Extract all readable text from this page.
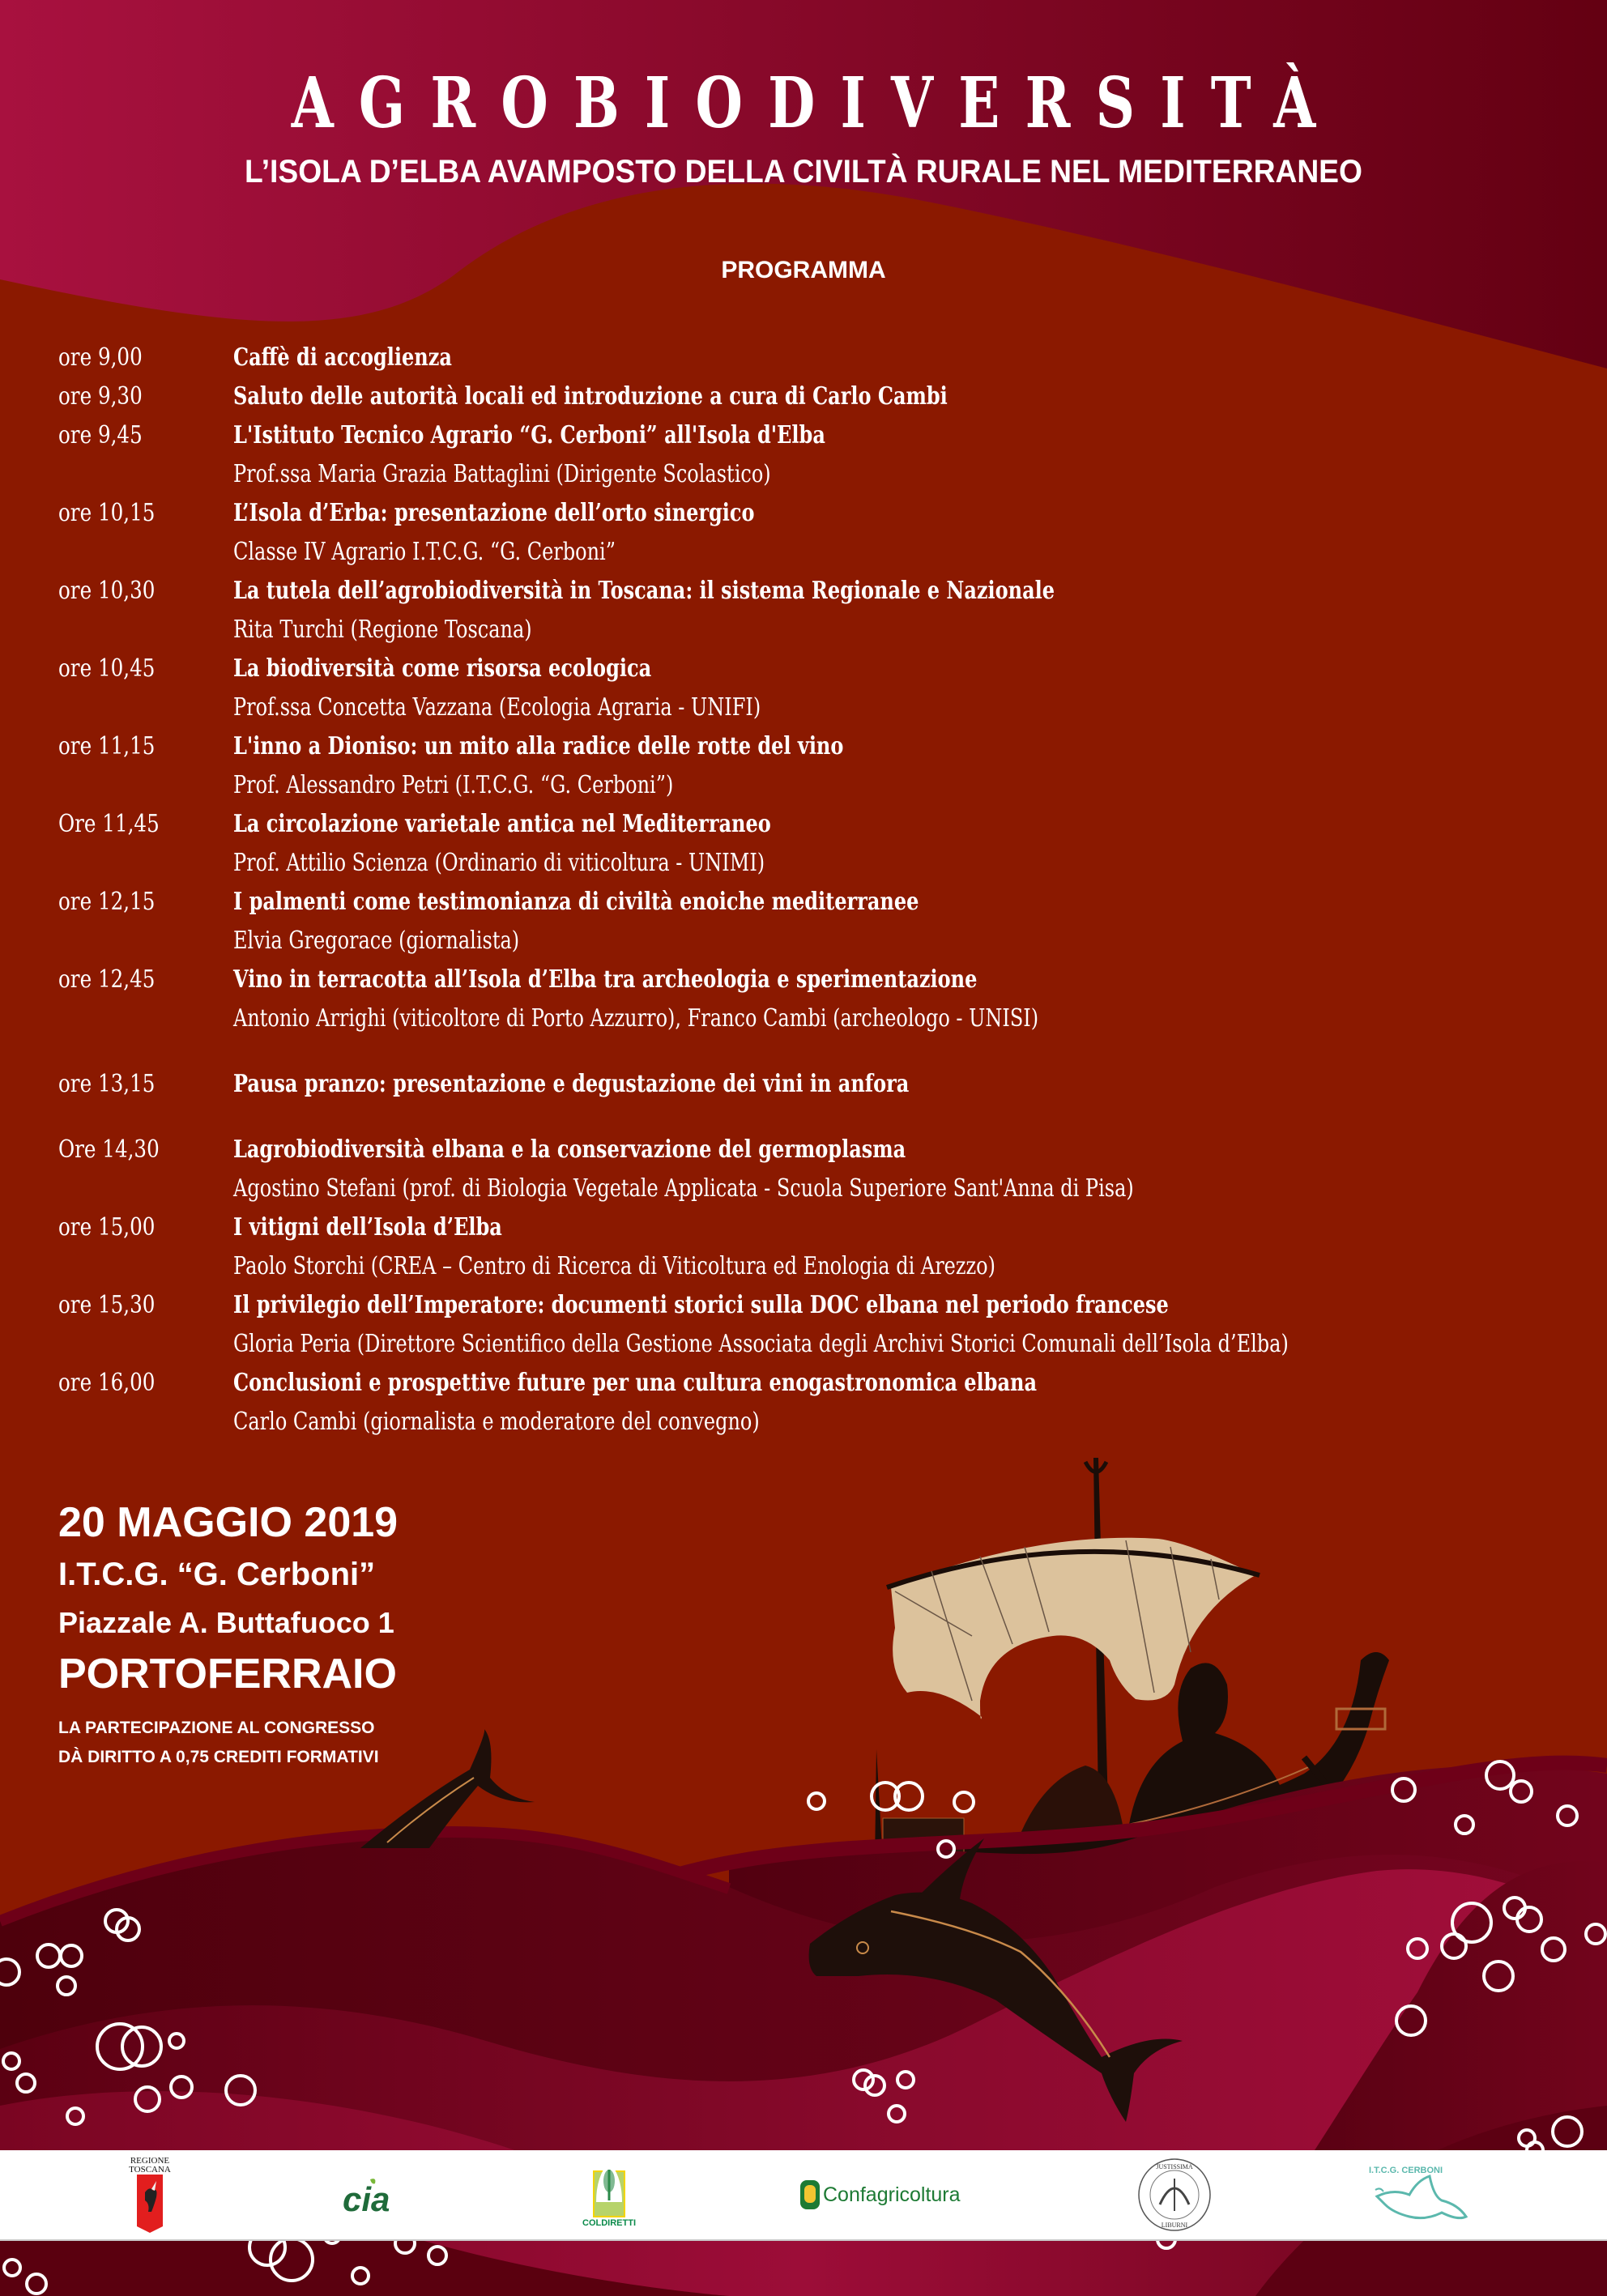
AGROBIODIVERSITÀ
L’ISOLA D’ELBA AVAMPOSTO DELLA CIVILTÀ RURALE NEL MEDITERRANEO
PROGRAMMA
ore 9,00	Caffè di accoglienza
ore 9,30	Saluto delle autorità locali ed introduzione a cura di Carlo Cambi
ore 9,45	L'Istituto Tecnico Agrario “G. Cerboni” all'Isola d'Elba
Prof.ssa Maria Grazia Battaglini (Dirigente Scolastico)
ore 10,15	L’Isola d’Erba: presentazione dell’orto sinergico
Classe IV Agrario I.T.C.G. “G. Cerboni”
ore 10,30	La tutela dell’agrobiodiversità in Toscana: il sistema Regionale e Nazionale
Rita Turchi (Regione Toscana)
ore 10,45	La biodiversità come risorsa ecologica
Prof.ssa Concetta Vazzana (Ecologia Agraria - UNIFI)
ore 11,15	L'inno a Dioniso: un mito alla radice delle rotte del vino
Prof. Alessandro Petri (I.T.C.G. “G. Cerboni”)
Ore 11,45	La circolazione varietale antica nel Mediterraneo
Prof. Attilio Scienza (Ordinario di viticoltura - UNIMI)
ore 12,15	I palmenti come testimonianza di civiltà enoiche mediterranee
Elvia Gregorace (giornalista)
ore 12,45	Vino in terracotta all’Isola d’Elba tra archeologia e sperimentazione
Antonio Arrighi (viticoltore di Porto Azzurro), Franco Cambi (archeologo - UNISI)
ore 13,15	Pausa pranzo: presentazione e degustazione dei vini in anfora
Ore 14,30	Lagrobiodiversità elbana e la conservazione del germoplasma
Agostino Stefani (prof. di Biologia Vegetale Applicata - Scuola Superiore Sant'Anna di Pisa)
ore 15,00	I vitigni dell’Isola d’Elba
Paolo Storchi (CREA – Centro di Ricerca di Viticoltura ed Enologia di Arezzo)
ore 15,30	Il privilegio dell’Imperatore: documenti storici sulla DOC elbana nel periodo francese
Gloria Peria (Direttore Scientifico della Gestione Associata degli Archivi Storici Comunali dell’Isola d’Elba)
ore 16,00	Conclusioni e prospettive future per una cultura enogastronomica elbana
Carlo Cambi (giornalista e moderatore del convegno)
20 MAGGIO 2019
I.T.C.G. “G. Cerboni”
Piazzale A. Buttafuoco 1
PORTOFERRAIO
LA PARTECIPAZIONE AL CONGRESSO
DÀ DIRITTO A 0,75 CREDITI FORMATIVI
REGIONE
TOSCANA
cia
COLDIRETTI
Confagricoltura
JUSTISSIMA
LIBURNI
I.T.C.G. CERBONI
